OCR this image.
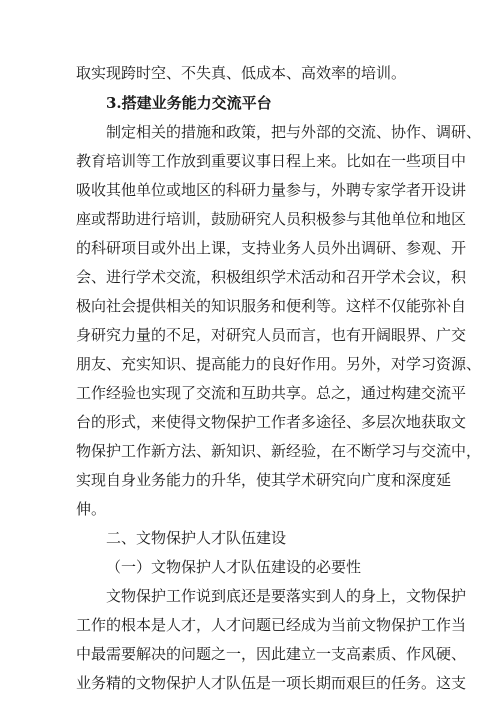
取实现跨时空、不失真、低成本、高效率的培训。
3.搭建业务能力交流平台
制定相关的措施和政策，把与外部的交流、协作、调研、
教育培训等工作放到重要议事日程上来。比如在一些项目中
吸收其他单位或地区的科研力量参与，外聘专家学者开设讲
座或帮助进行培训，鼓励研究人员积极参与其他单位和地区
的科研项目或外出上课，支持业务人员外出调研、参观、开
会、进行学术交流，积极组织学术活动和召开学术会议，积
极向社会提供相关的知识服务和便利等。这样不仅能弥补自
身研究力量的不足，对研究人员而言，也有开阔眼界、广交
朋友、充实知识、提高能力的良好作用。另外，对学习资源、
工作经验也实现了交流和互助共享。总之，通过构建交流平
台的形式，来使得文物保护工作者多途径、多层次地获取文
物保护工作新方法、新知识、新经验，在不断学习与交流中，
实现自身业务能力的升华，使其学术研究向广度和深度延
伸。
二、文物保护人才队伍建设
（一）文物保护人才队伍建设的必要性
文物保护工作说到底还是要落实到人的身上，文物保护
工作的根本是人才，人才问题已经成为当前文物保护工作当
中最需要解决的问题之一，因此建立一支高素质、作风硬、
业务精的文物保护人才队伍是一项长期而艰巨的任务。这支
